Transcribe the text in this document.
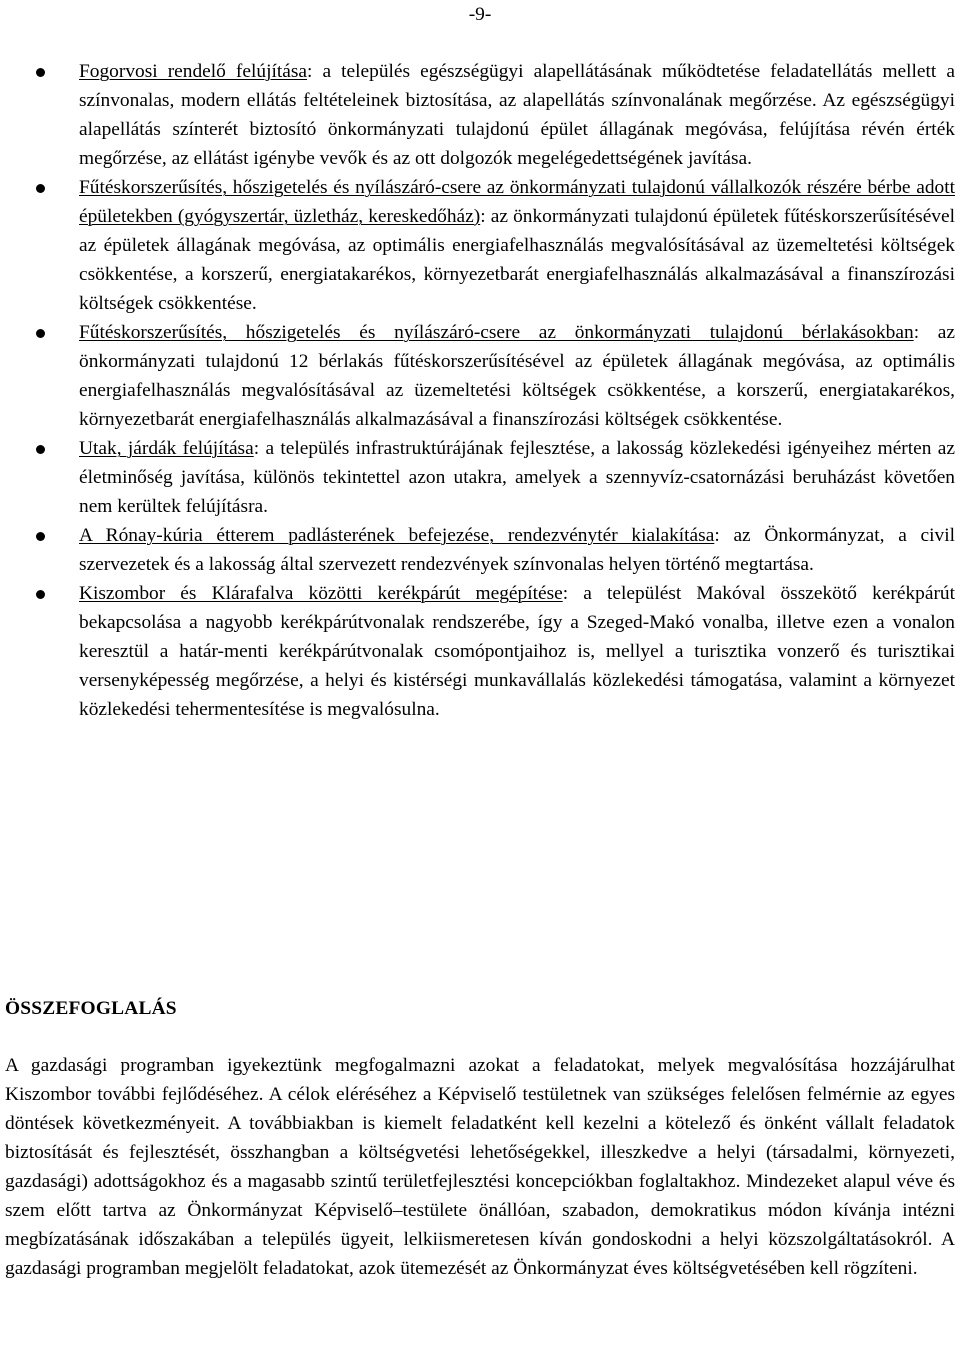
-9-
Fogorvosi rendelő felújítása: a település egészségügyi alapellátásának működtetése feladatellátás mellett a színvonalas, modern ellátás feltételeinek biztosítása, az alapellátás színvonalának megőrzése. Az egészségügyi alapellátás színterét biztosító önkormányzati tulajdonú épület állagának megóvása, felújítása révén érték megőrzése, az ellátást igénybe vevők és az ott dolgozók megelégedettségének javítása.
Fűtéskorszerűsítés, hőszigetelés és nyílászáró-csere az önkormányzati tulajdonú vállalkozók részére bérbe adott épületekben (gyógyszertár, üzletház, kereskedőház): az önkormányzati tulajdonú épületek fűtéskorszerűsítésével az épületek állagának megóvása, az optimális energiafelhasználás megvalósításával az üzemeltetési költségek csökkentése, a korszerű, energiatakarékos, környezetbarát energiafelhasználás alkalmazásával a finanszírozási költségek csökkentése.
Fűtéskorszerűsítés, hőszigetelés és nyílászáró-csere az önkormányzati tulajdonú bérlakásokban: az önkormányzati tulajdonú 12 bérlakás fűtéskorszerűsítésével az épületek állagának megóvása, az optimális energiafelhasználás megvalósításával az üzemeltetési költségek csökkentése, a korszerű, energiatakarékos, környezetbarát energiafelhasználás alkalmazásával a finanszírozási költségek csökkentése.
Utak, járdák felújítása: a település infrastruktúrájának fejlesztése, a lakosság közlekedési igényeihez mérten az életminőség javítása, különös tekintettel azon utakra, amelyek a szennyvíz-csatornázási beruházást követően nem kerültek felújításra.
A Rónay-kúria étterem padlásterének befejezése, rendezvénytér kialakítása: az Önkormányzat, a civil szervezetek és a lakosság által szervezett rendezvények színvonalas helyen történő megtartása.
Kiszombor és Klárafalva közötti kerékpárút megépítése: a települést Makóval összekötő kerékpárút bekapcsolása a nagyobb kerékpárútvonalak rendszerébe, így a Szeged-Makó vonalba, illetve ezen a vonalon keresztül a határ-menti kerékpárútvonalak csomópontjaihoz is, mellyel a turisztika vonzerő és turisztikai versenyképesség megőrzése, a helyi és kistérségi munkavállalás közlekedési támogatása, valamint a környezet közlekedési tehermentesítése is megvalósulna.
ÖSSZEFOGLALÁS

A gazdasági programban igyekeztünk megfogalmazni azokat a feladatokat, melyek megvalósítása hozzájárulhat Kiszombor további fejlődéséhez. A célok eléréséhez a Képviselő testületnek van szükséges felelősen felmérnie az egyes döntések következményeit. A továbbiakban is kiemelt feladatként kell kezelni a kötelező és önként vállalt feladatok biztosítását és fejlesztését, összhangban a költségvetési lehetőségekkel, illeszkedve a helyi (társadalmi, környezeti, gazdasági) adottságokhoz és a magasabb szintű területfejlesztési koncepciókban foglaltakhoz. Mindezeket alapul véve és szem előtt tartva az Önkormányzat Képviselő–testülete önállóan, szabadon, demokratikus módon kívánja intézni megbízatásának időszakában a település ügyeit, lelkiismeretesen kíván gondoskodni a helyi közszolgáltatásokról. A gazdasági programban megjelölt feladatokat, azok ütemezését az Önkormányzat éves költségvetésében kell rögzíteni.
